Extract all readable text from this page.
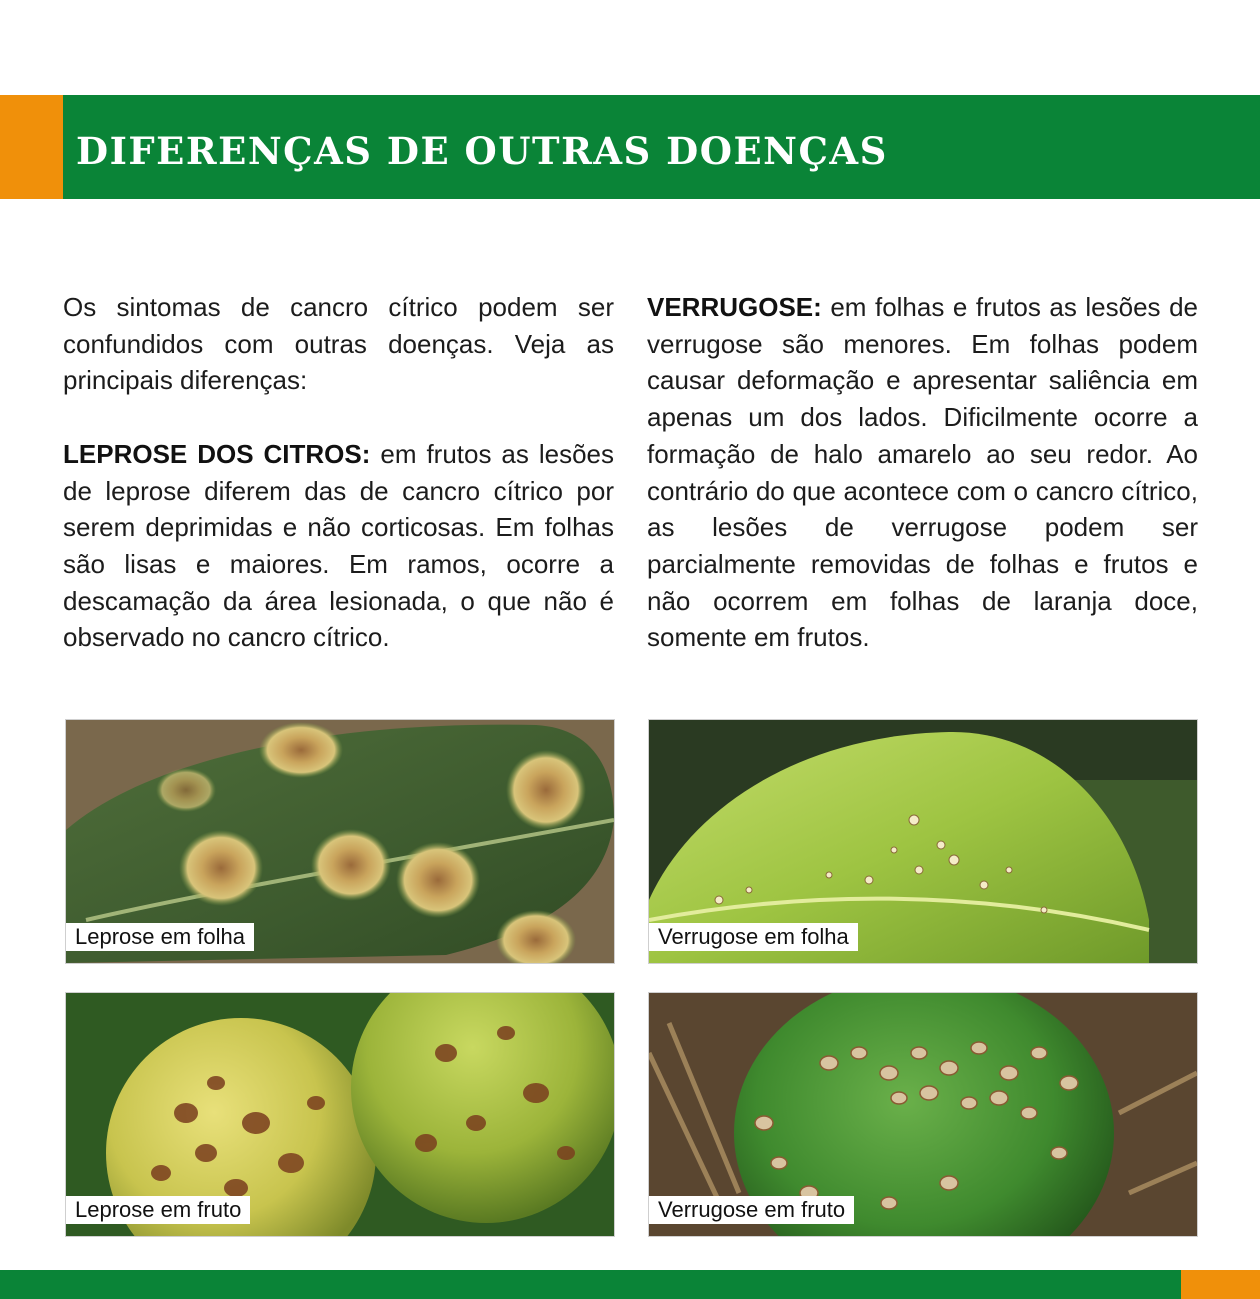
DIFERENÇAS DE OUTRAS DOENÇAS

Os sintomas de cancro cítrico podem ser confundidos com outras doenças. Veja as principais diferenças:

LEPROSE DOS CITROS: em frutos as lesões de leprose diferem das de cancro cítrico por serem deprimidas e não corticosas. Em folhas são lisas e maiores. Em ramos, ocorre a descamação da área lesionada, o que não é observado no cancro cítrico.

VERRUGOSE: em folhas e frutos as lesões de verrugose são menores. Em folhas podem causar deformação e apresentar saliência em apenas um dos lados. Dificilmente ocorre a formação de halo amarelo ao seu redor. Ao contrário do que acontece com o cancro cítrico, as lesões de verrugose podem ser parcialmente removidas de folhas e frutos e não ocorrem em folhas de laranja doce, somente em frutos.

Leprose em folha	Verrugose em folha
Leprose em fruto	Verrugose em fruto
